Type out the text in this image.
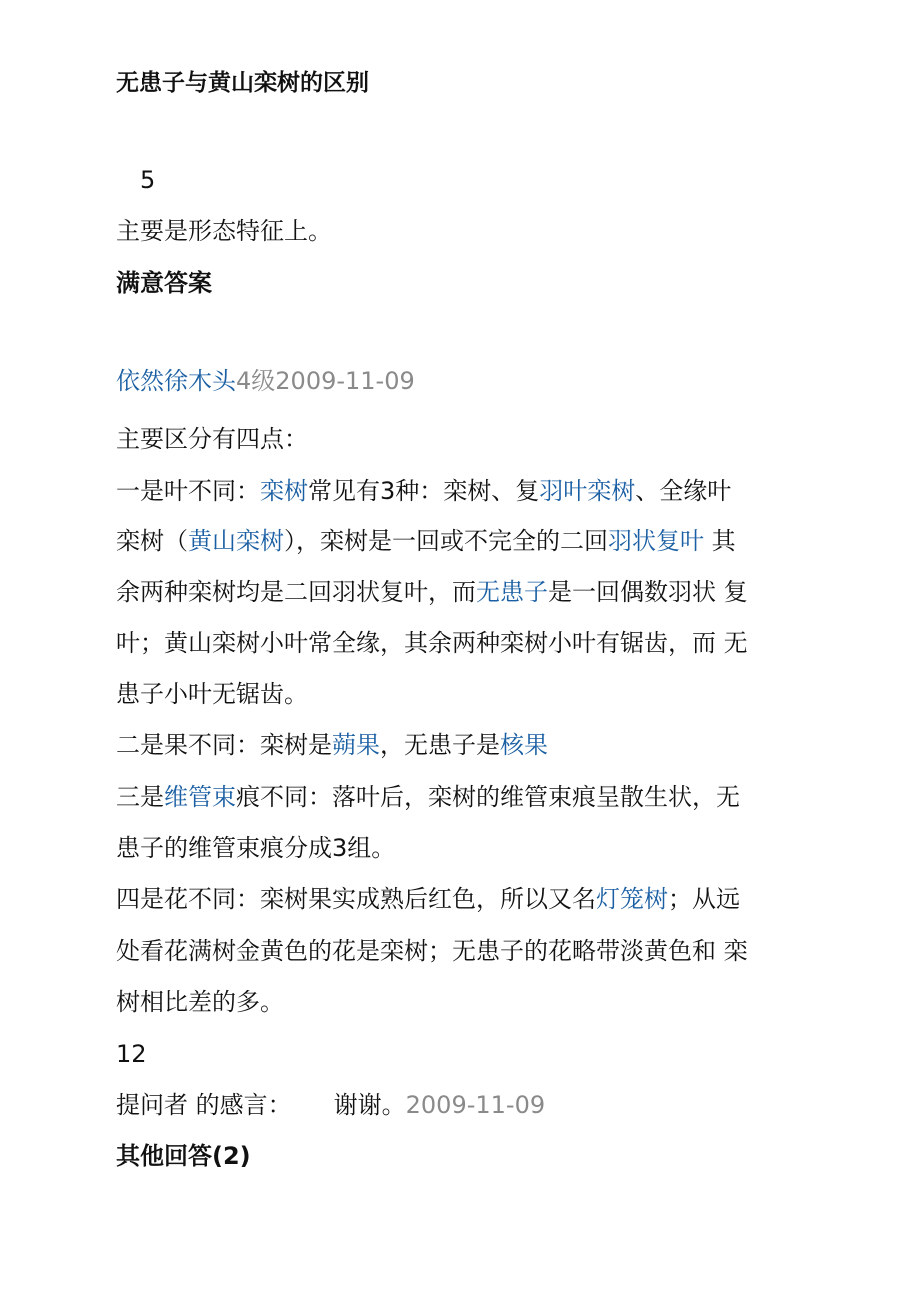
无患子与黄山栾树的区别
5
主要是形态特征上。
满意答案
依然徐木头4级2009-11-09
主要区分有四点：
一是叶不同：栾树常见有3种：栾树、复羽叶栾树、全缘叶
栾树（黄山栾树），栾树是一回或不完全的二回羽状复叶 其
余两种栾树均是二回羽状复叶，而无患子是一回偶数羽状 复
叶；黄山栾树小叶常全缘，其余两种栾树小叶有锯齿，而 无
患子小叶无锯齿。
二是果不同：栾树是蒴果，无患子是核果
三是维管束痕不同：落叶后，栾树的维管束痕呈散生状，无
患子的维管束痕分成3组。
四是花不同：栾树果实成熟后红色，所以又名灯笼树；从远
处看花满树金黄色的花是栾树；无患子的花略带淡黄色和 栾
树相比差的多。
12
提问者 的感言： 谢谢。2009-11-09
其他回答(2)
